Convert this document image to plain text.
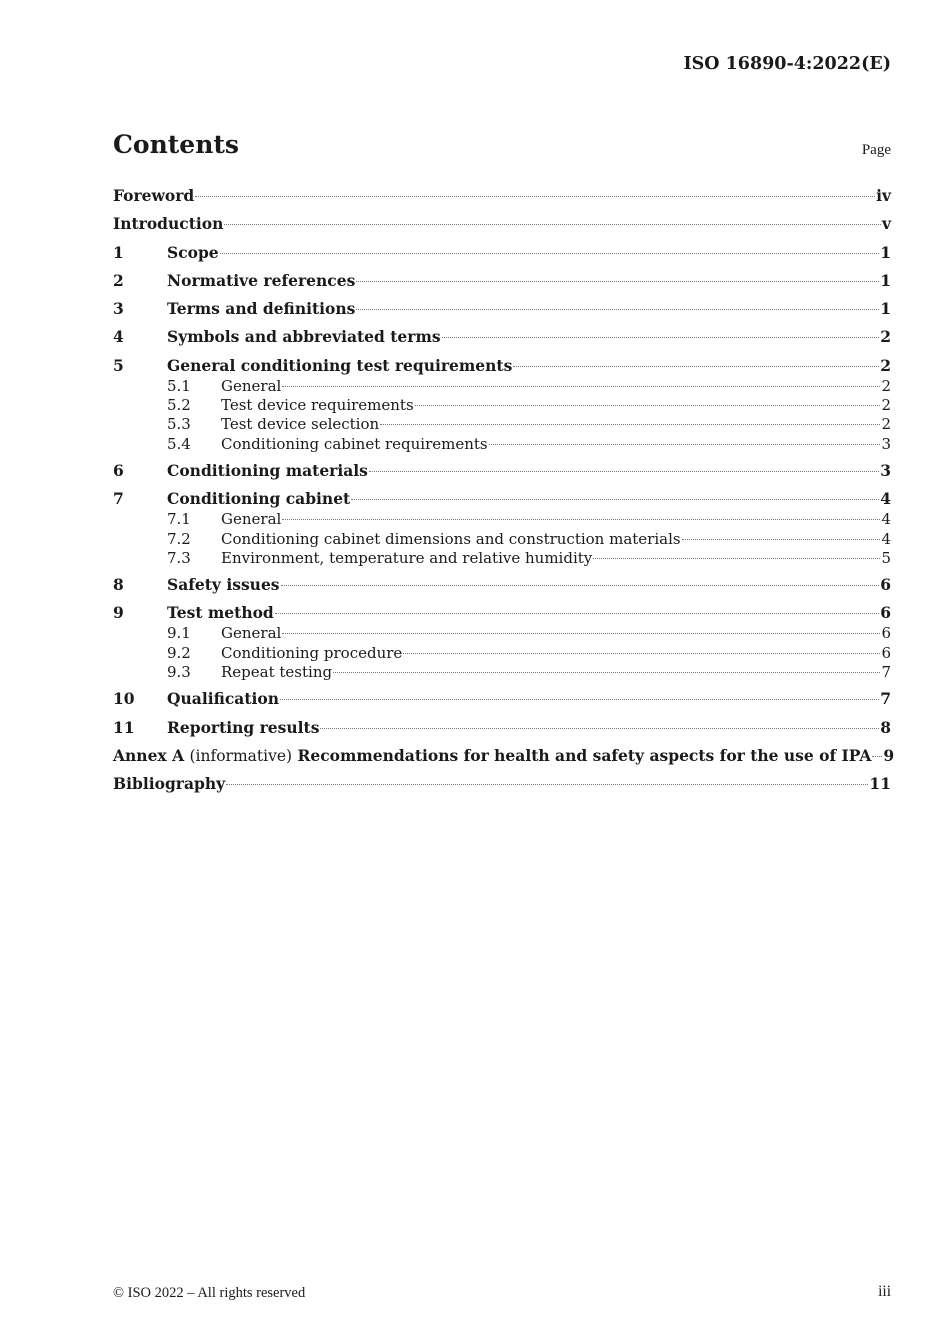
ISO 16890-4:2022(E)
Contents	Page
Foreword	iv
Introduction	v
1	Scope	1
2	Normative references	1
3	Terms and definitions	1
4	Symbols and abbreviated terms	2
5	General conditioning test requirements	2
5.1	General	2
5.2	Test device requirements	2
5.3	Test device selection	2
5.4	Conditioning cabinet requirements	3
6	Conditioning materials	3
7	Conditioning cabinet	4
7.1	General	4
7.2	Conditioning cabinet dimensions and construction materials	4
7.3	Environment, temperature and relative humidity	5
8	Safety issues	6
9	Test method	6
9.1	General	6
9.2	Conditioning procedure	6
9.3	Repeat testing	7
10	Qualification	7
11	Reporting results	8
Annex A (informative) Recommendations for health and safety aspects for the use of IPA 9
Bibliography	11
© ISO 2022 – All rights reserved	iii
